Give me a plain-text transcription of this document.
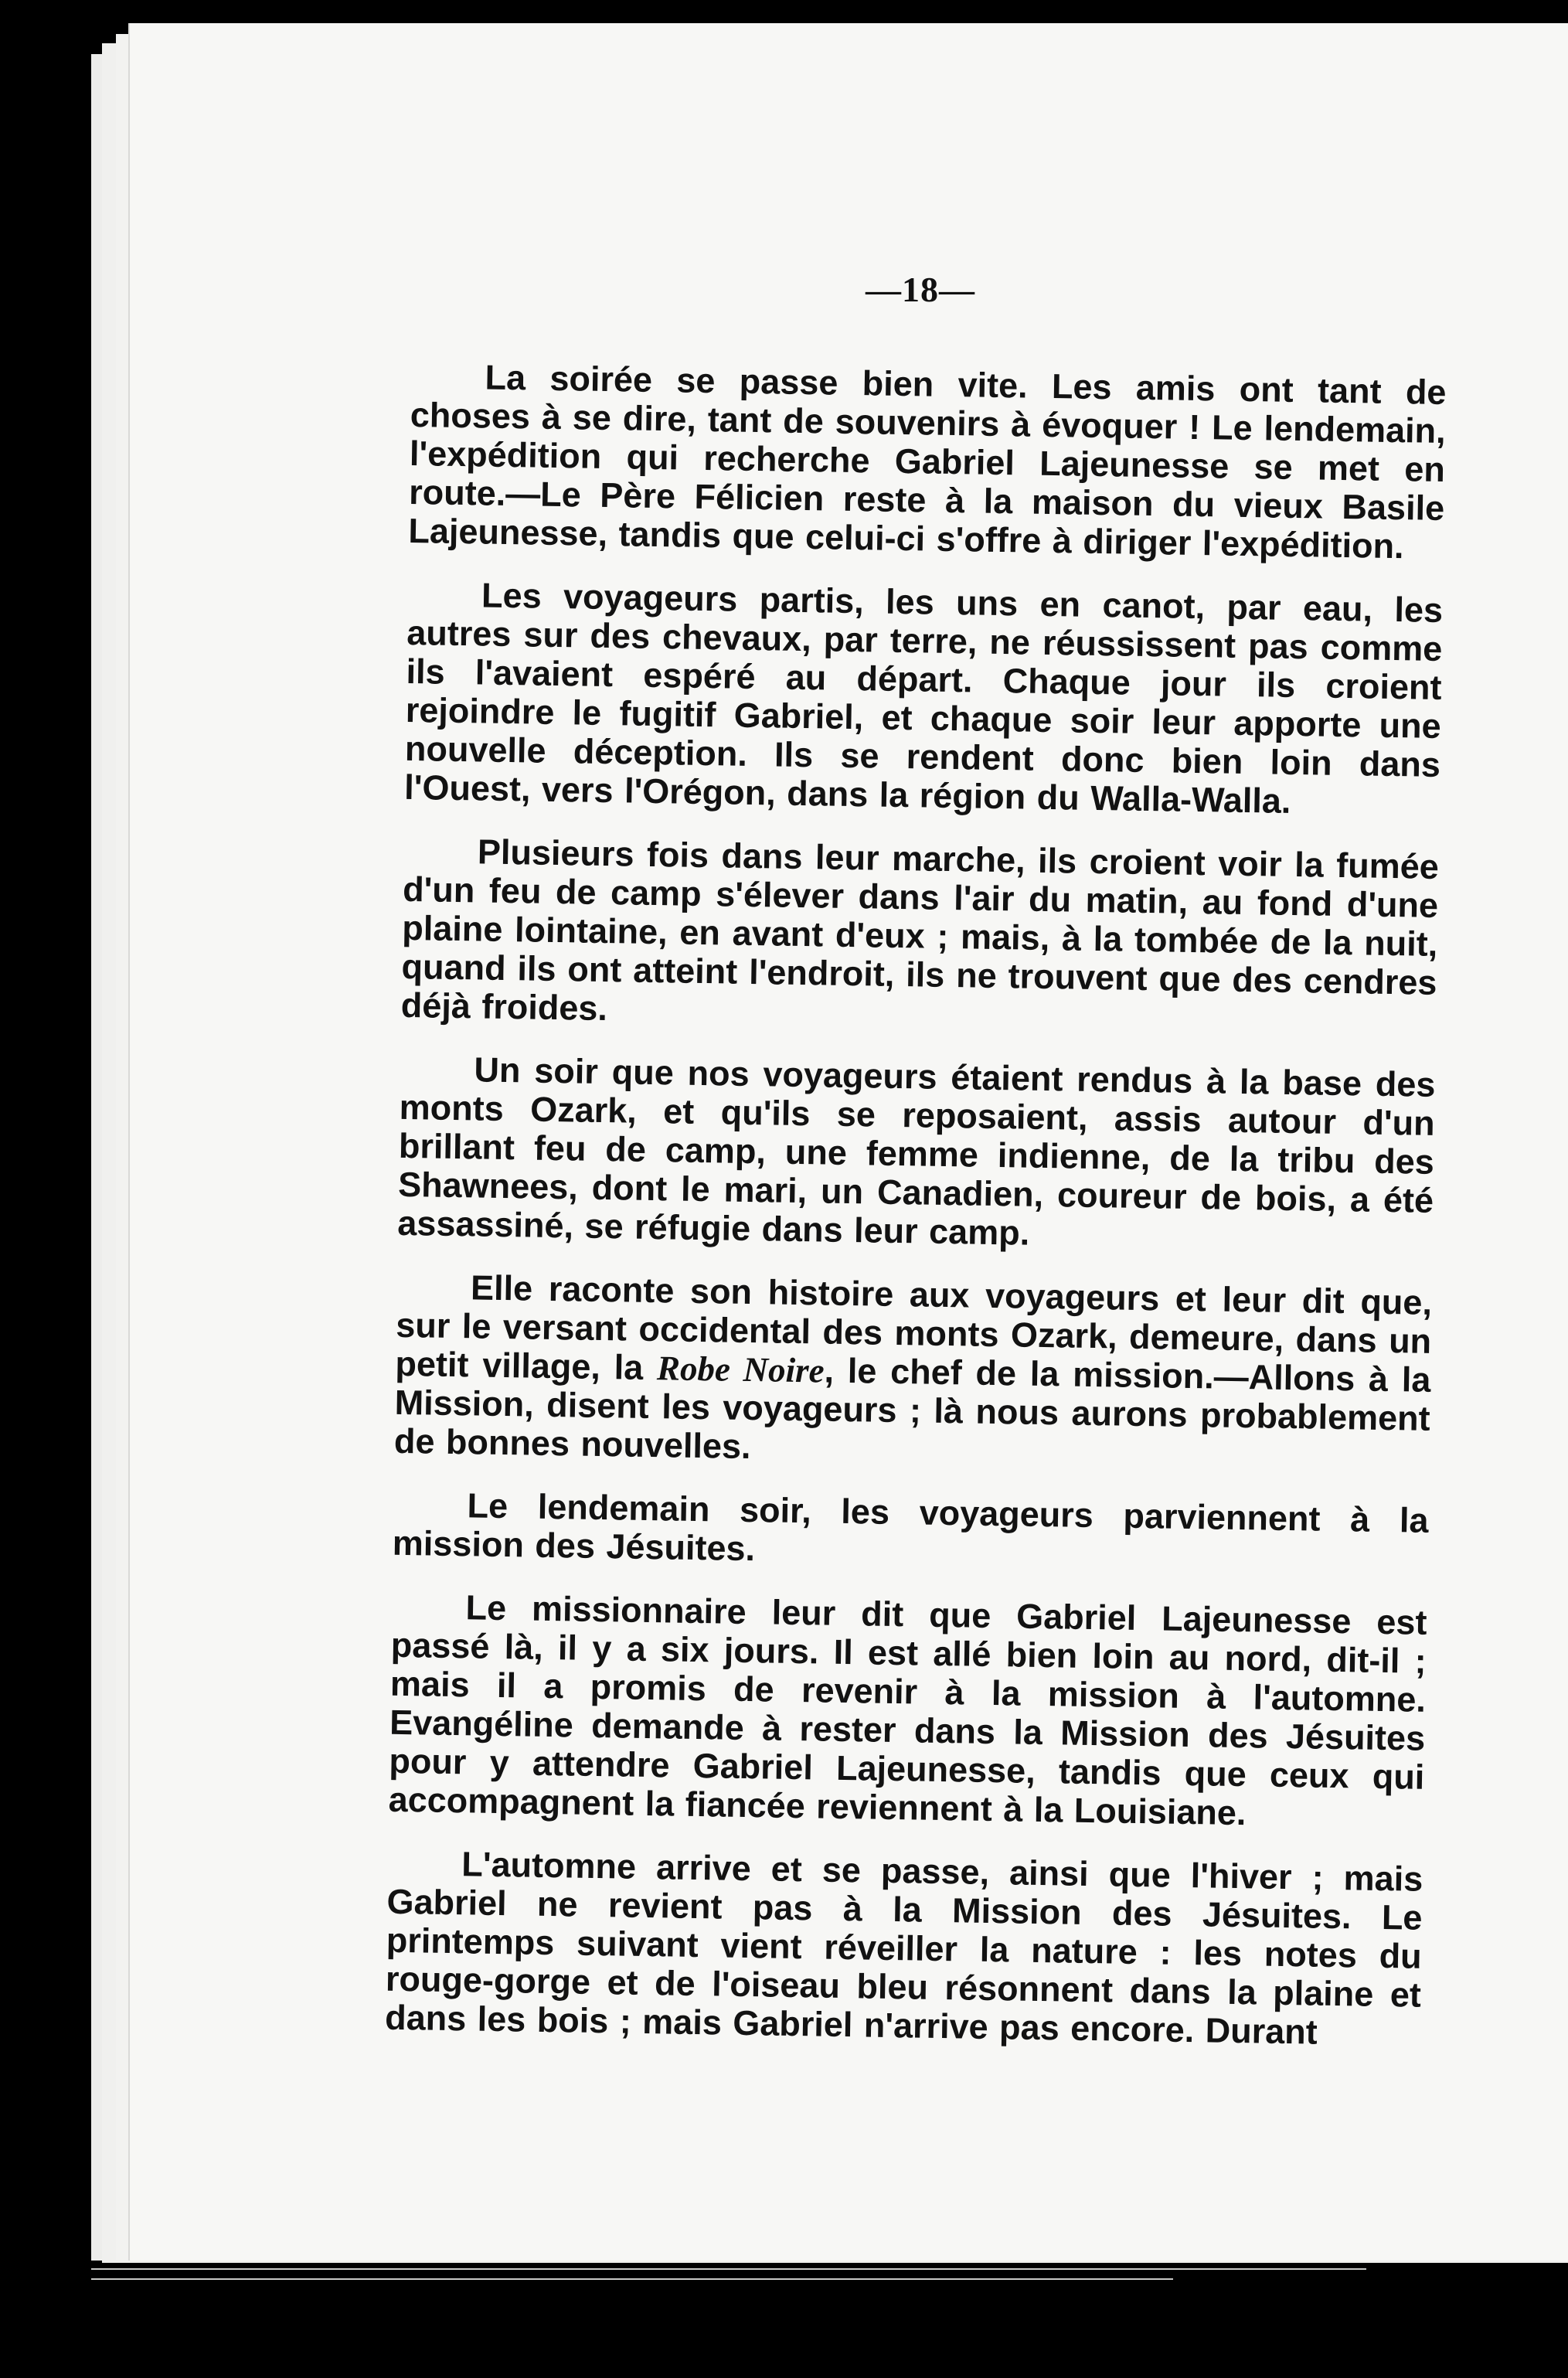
—18—

La soirée se passe bien vite. Les amis ont tant de choses à se dire, tant de souvenirs à évoquer ! Le lendemain, l'expédition qui recherche Gabriel Lajeunesse se met en route.—Le Père Félicien reste à la maison du vieux Basile Lajeunesse, tandis que celui-ci s'offre à diriger l'expédition.

Les voyageurs partis, les uns en canot, par eau, les autres sur des chevaux, par terre, ne réussissent pas comme ils l'avaient espéré au départ. Chaque jour ils croient rejoindre le fugitif Gabriel, et chaque soir leur apporte une nouvelle déception. Ils se rendent donc bien loin dans l'Ouest, vers l'Orégon, dans la région du Walla-Walla.

Plusieurs fois dans leur marche, ils croient voir la fumée d'un feu de camp s'élever dans l'air du matin, au fond d'une plaine lointaine, en avant d'eux ; mais, à la tombée de la nuit, quand ils ont atteint l'endroit, ils ne trouvent que des cendres déjà froides.

Un soir que nos voyageurs étaient rendus à la base des monts Ozark, et qu'ils se reposaient, assis autour d'un brillant feu de camp, une femme indienne, de la tribu des Shawnees, dont le mari, un Canadien, coureur de bois, a été assassiné, se réfugie dans leur camp.

Elle raconte son histoire aux voyageurs et leur dit que, sur le versant occidental des monts Ozark, demeure, dans un petit village, la Robe Noire, le chef de la mission.—Allons à la Mission, disent les voyageurs ; là nous aurons probablement de bonnes nouvelles.

Le lendemain soir, les voyageurs parviennent à la mission des Jésuites.

Le missionnaire leur dit que Gabriel Lajeunesse est passé là, il y a six jours. Il est allé bien loin au nord, dit-il ; mais il a promis de revenir à la mission à l'automne. Evangéline demande à rester dans la Mission des Jésuites pour y attendre Gabriel Lajeunesse, tandis que ceux qui accompagnent la fiancée reviennent à la Louisiane.

L'automne arrive et se passe, ainsi que l'hiver ; mais Gabriel ne revient pas à la Mission des Jésuites. Le printemps suivant vient réveiller la nature : les notes du rouge-gorge et de l'oiseau bleu résonnent dans la plaine et dans les bois ; mais Gabriel n'arrive pas encore. Durant
